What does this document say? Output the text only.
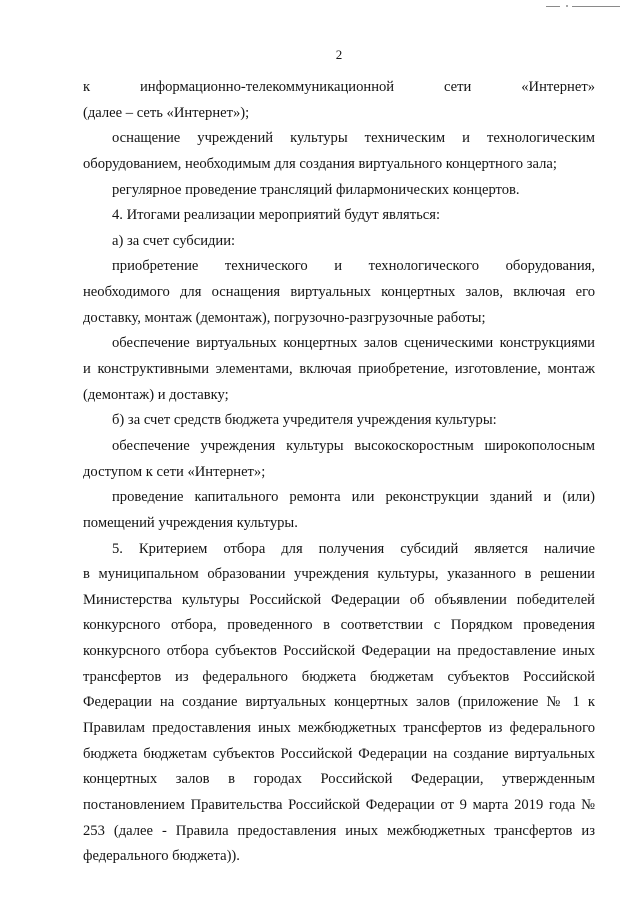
2
к информационно-телекоммуникационной сети «Интернет»
(далее – сеть «Интернет»);
оснащение учреждений культуры техническим и технологическим
оборудованием, необходимым для создания виртуального концертного зала;
регулярное проведение трансляций филармонических концертов.
4. Итогами реализации мероприятий будут являться:
а) за счет субсидии:
приобретение технического и технологического оборудования,
необходимого для оснащения виртуальных концертных залов, включая его
доставку, монтаж (демонтаж), погрузочно-разгрузочные работы;
обеспечение виртуальных концертных залов сценическими конструкциями
и конструктивными элементами, включая приобретение, изготовление, монтаж
(демонтаж) и доставку;
б) за счет средств бюджета учредителя учреждения культуры:
обеспечение учреждения культуры высокоскоростным широкополосным
доступом к сети «Интернет»;
проведение капитального ремонта или реконструкции зданий и (или)
помещений учреждения культуры.
5. Критерием отбора для получения субсидий является наличие
в муниципальном образовании учреждения культуры, указанного в решении
Министерства культуры Российской Федерации об объявлении победителей
конкурсного отбора, проведенного в соответствии с Порядком проведения
конкурсного отбора субъектов Российской Федерации на предоставление иных
трансфертов из федерального бюджета бюджетам субъектов Российской
Федерации на создание виртуальных концертных залов (приложение № 1 к
Правилам предоставления иных межбюджетных трансфертов из федерального
бюджета бюджетам субъектов Российской Федерации на создание виртуальных
концертных залов в городах Российской Федерации, утвержденным
постановлением Правительства Российской Федерации от 9 марта 2019 года №
253 (далее - Правила предоставления иных межбюджетных трансфертов из
федерального бюджета)).
